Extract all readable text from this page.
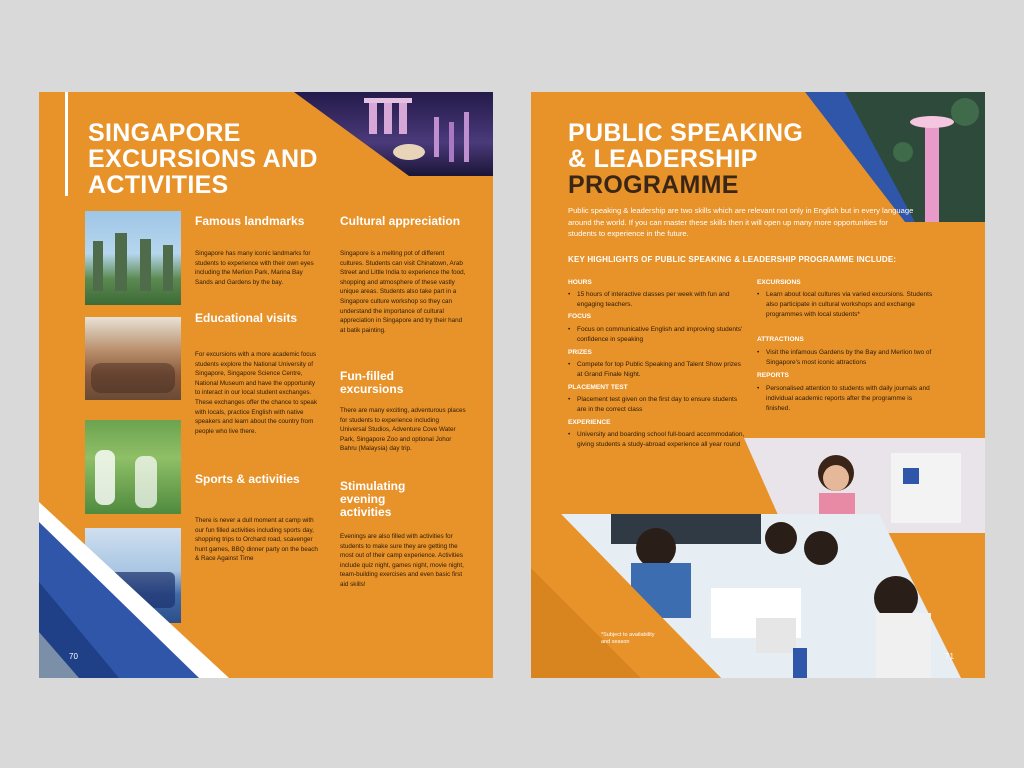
SINGAPORE EXCURSIONS AND ACTIVITIES
Famous landmarks

Singapore has many iconic landmarks for students to experience with their own eyes including the Merlion Park, Marina Bay Sands and Gardens by the bay.

Educational visits

For excursions with a more academic focus students explore the National University of Singapore, Singapore Science Centre, National Museum and have the opportunity to interact in our local student exchanges. These exchanges offer the chance to speak with locals, practice English with native speakers and learn about the country from people who live there.

Sports & activities

There is never a dull moment at camp with our fun filled activities including sports day, shopping trips to Orchard road, scavenger hunt games, BBQ dinner party on the beach & Race Against Time

Cultural appreciation

Singapore is a melting pot of different cultures. Students can visit Chinatown, Arab Street and Little India to experience the food, shopping and atmosphere of these vastly unique areas. Students also take part in a Singapore culture workshop so they can understand the importance of cultural appreciation in Singapore and try their hand at batik painting.

Fun-filled excursions

There are many exciting, adventurous places for students to experience including Universal Studios, Adventure Cove Water Park, Singapore Zoo and optional Johor Bahru (Malaysia) day trip.

Stimulating evening activities

Evenings are also filled with activities for students to make sure they are getting the most out of their camp experience. Activities include quiz night, games night, movie night, team-building exercises and even basic first aid skills!

70
PUBLIC SPEAKING
& LEADERSHIP
PROGRAMME

Public speaking & leadership are two skills which are relevant not only in English but in every language around the world. If you can master these skills then it will open up many more opportunities for students to experience in the future.

KEY HIGHLIGHTS OF PUBLIC SPEAKING & LEADERSHIP PROGRAMME INCLUDE:

HOURS

• 15 hours of interactive classes per week with fun and engaging teachers.

FOCUS

• Focus on communicative English and improving students' confidence in speaking

PRIZES

• Compete for top Public Speaking and Talent Show prizes at Grand Finale Night.

PLACEMENT TEST

• Placement test given on the first day to ensure students are in the correct class

EXPERIENCE

• University and boarding school full-board accommodation, giving students a study-abroad experience all year round

EXCURSIONS

• Learn about local cultures via varied excursions. Students also participate in cultural workshops and exchange programmes with local students*

ATTRACTIONS

• Visit the infamous Gardens by the Bay and Merlion two of Singapore's most iconic attractions

REPORTS

• Personalised attention to students with daily journals and individual academic reports after the programme is finished.

*Subject to availability and season
71
